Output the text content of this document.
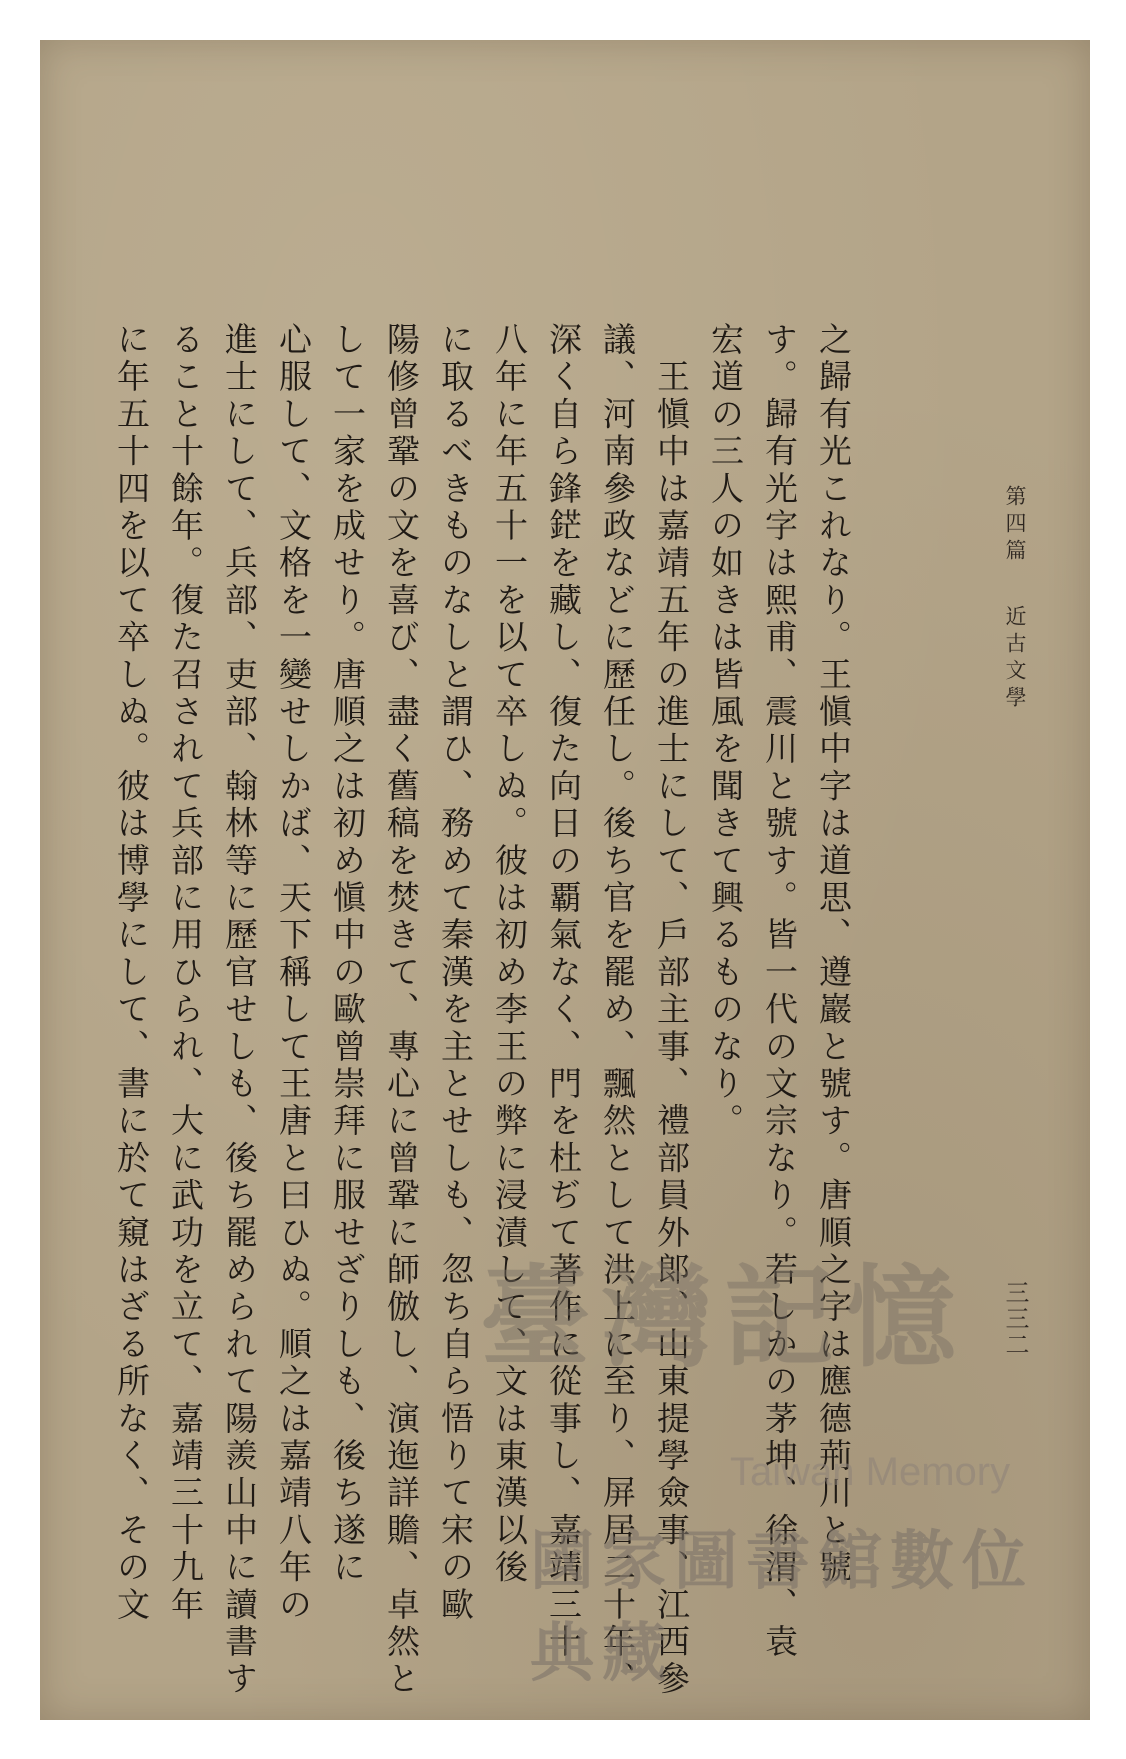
第四篇
近古文學
三三二
之歸有光これなり。王愼中字は道思、遵巖と號す。唐順之字は應德荊川と號
す。歸有光字は熙甫、震川と號す。皆一代の文宗なり。若しかの茅坤、徐渭、袁
宏道の三人の如きは皆風を聞きて興るものなり。
　王愼中は嘉靖五年の進士にして、戶部主事、禮部員外郞、山東提學僉事、江西參
議、河南參政などに歷任し。後ち官を罷め、飄然として洪上に至り、屏居二十年、
深く自ら鋒鋩を藏し、復た向日の覇氣なく、門を杜ぢて著作に從事し、嘉靖三十
八年に年五十一を以て卒しぬ。彼は初め李王の弊に浸漬して、文は東漢以後
に取るべきものなしと謂ひ、務めて秦漢を主とせしも、忽ち自ら悟りて宋の歐
陽修曾鞏の文を喜び、盡く舊稿を焚きて、專心に曾鞏に師倣し、演迤詳贍、卓然と
して一家を成せり。唐順之は初め愼中の歐曾崇拜に服せざりしも、後ち遂に
心服して、文格を一變せしかば、天下稱して王唐と曰ひぬ。順之は嘉靖八年の
進士にして、兵部、吏部、翰林等に歷官せしも、後ち罷められて陽羨山中に讀書す
ること十餘年。復た召されて兵部に用ひられ、大に武功を立て、嘉靖三十九年
に年五十四を以て卒しぬ。彼は博學にして、書に於て窺はざる所なく、その文	臺灣記憶
Taiwan Memory
國家圖書館數位典藏
